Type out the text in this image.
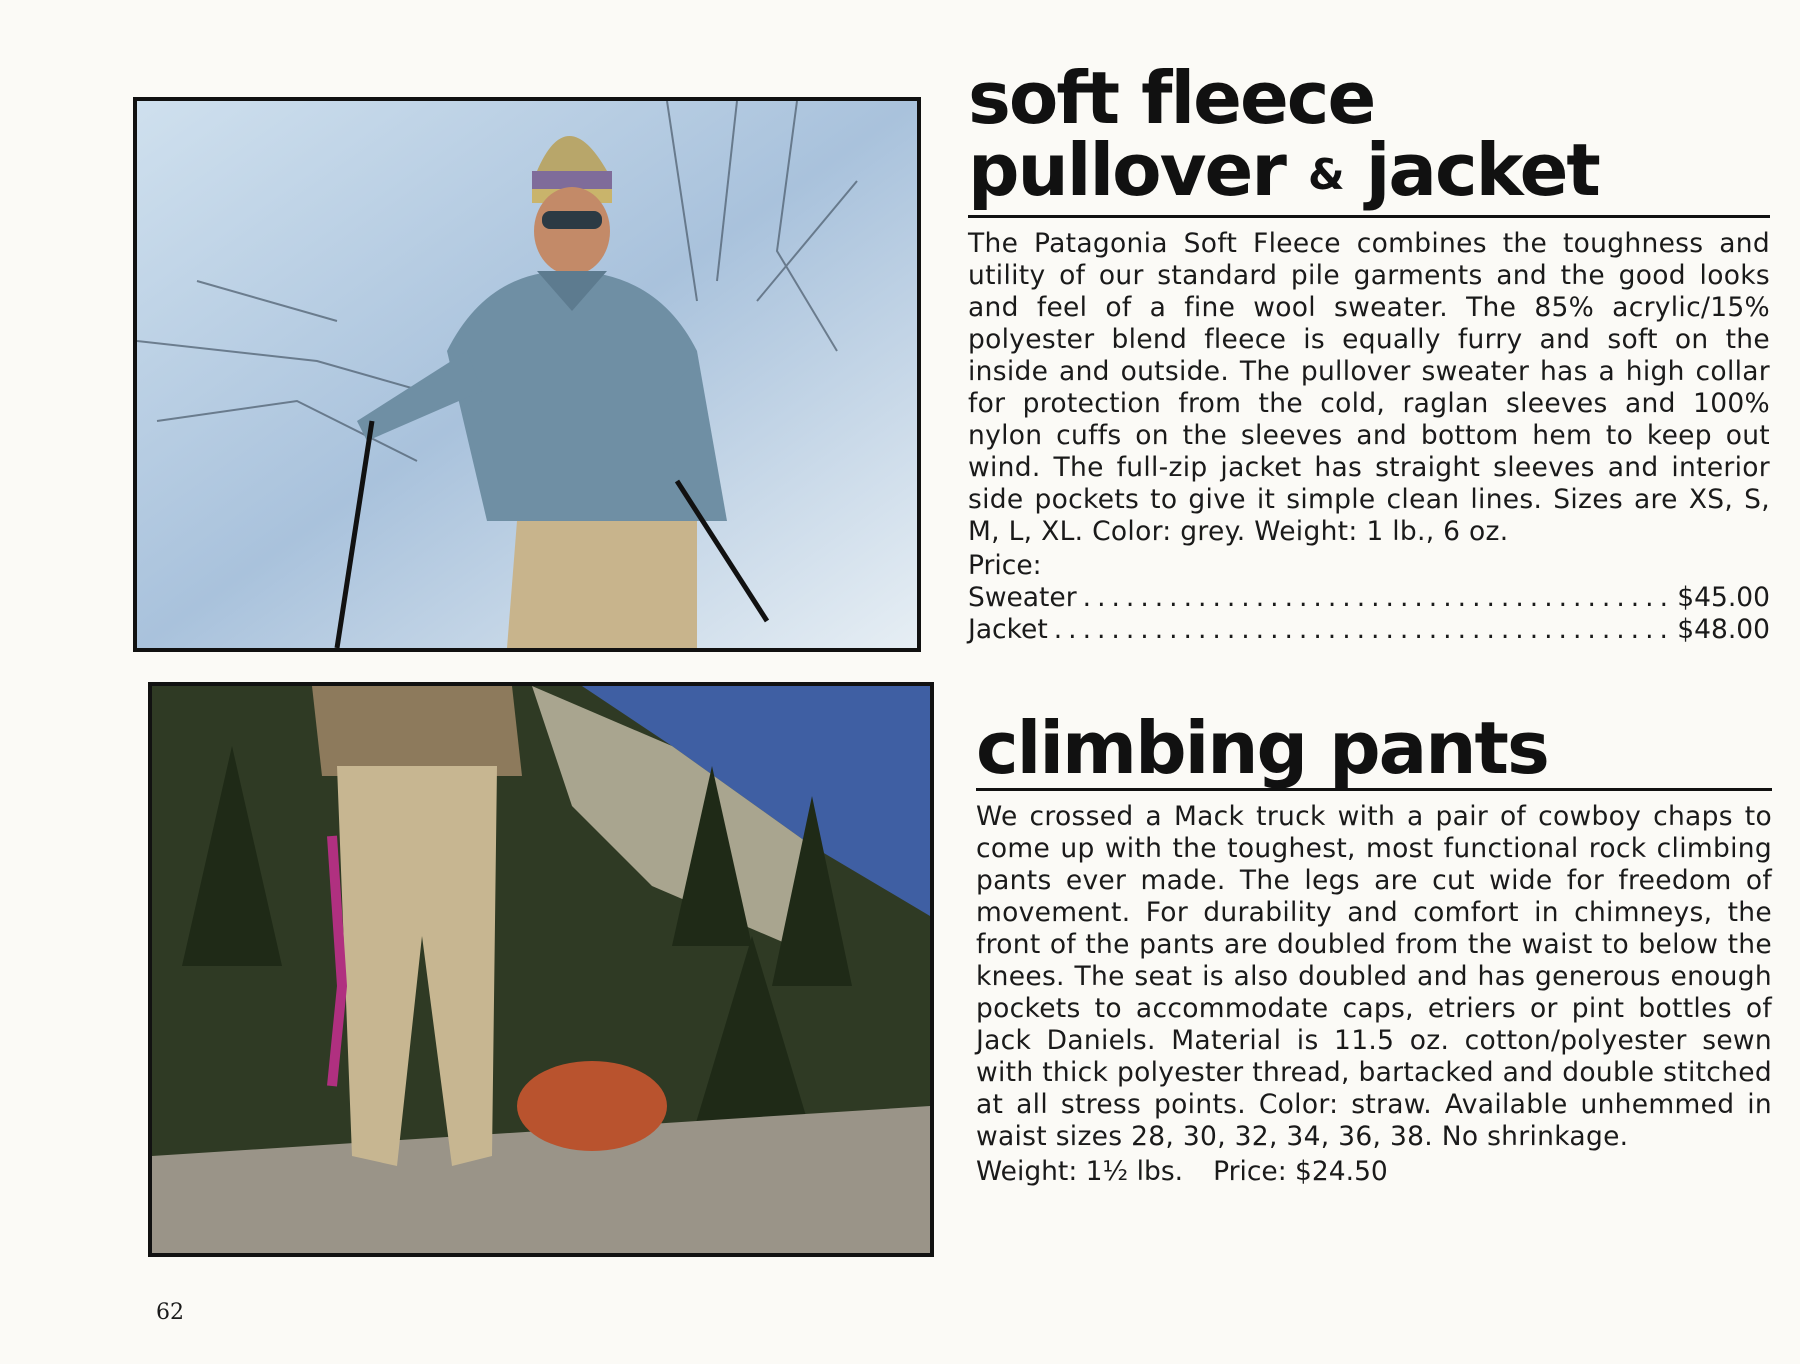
soft fleece
pullover & jacket

The Patagonia Soft Fleece combines the toughness and utility of our standard pile garments and the good looks and feel of a fine wool sweater. The 85% acrylic/15% polyester blend fleece is equally furry and soft on the inside and outside. The pullover sweater has a high collar for protection from the cold, raglan sleeves and 100% nylon cuffs on the sleeves and bottom hem to keep out wind. The full-zip jacket has straight sleeves and interior side pockets to give it simple clean lines. Sizes are XS, S, M, L, XL. Color: grey. Weight: 1 lb., 6 oz.

Price:
Sweater .....	$45.00
Jacket .....	$48.00
climbing pants

We crossed a Mack truck with a pair of cowboy chaps to come up with the toughest, most functional rock climbing pants ever made. The legs are cut wide for freedom of movement. For durability and comfort in chimneys, the front of the pants are doubled from the waist to below the knees. The seat is also doubled and has generous enough pockets to accommodate caps, etriers or pint bottles of Jack Daniels. Material is 11.5 oz. cotton/polyester sewn with thick polyester thread, bartacked and double stitched at all stress points. Color: straw. Available unhemmed in waist sizes 28, 30, 32, 34, 36, 38. No shrinkage.

Weight: 1½ lbs. Price: $24.50
62
